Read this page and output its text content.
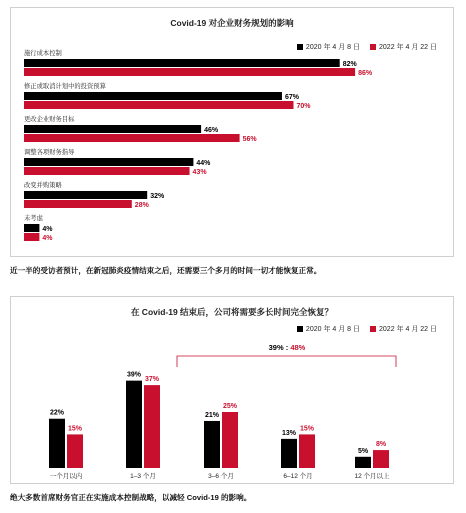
Covid-19 对企业财务规划的影响
2020 年 4 月 8 日	2022 年 4 月 22 日
施行成本控制
82%
86%
修正或取消计划中的投资预算
67%
70%
更改企业财务目标
46%
56%
调整各项财务指导
44%
43%
改变并购策略
32%
28%
未考虑
4%
4%
近一半的受访者预计，在新冠肺炎疫情结束之后，还需要三个多月的时间一切才能恢复正常。
在 Covid-19 结束后，公司将需要多长时间完全恢复？
2020 年 4 月 8 日	2022 年 4 月 22 日
39% : 48%
22%
15%
一个月以内
39%
37%
1–3 个月
21%
25%
3–6 个月
13%
15%
6–12 个月
5%
8%
12 个月以上
绝大多数首席财务官正在实施成本控制战略，以减轻 Covid-19 的影响。
